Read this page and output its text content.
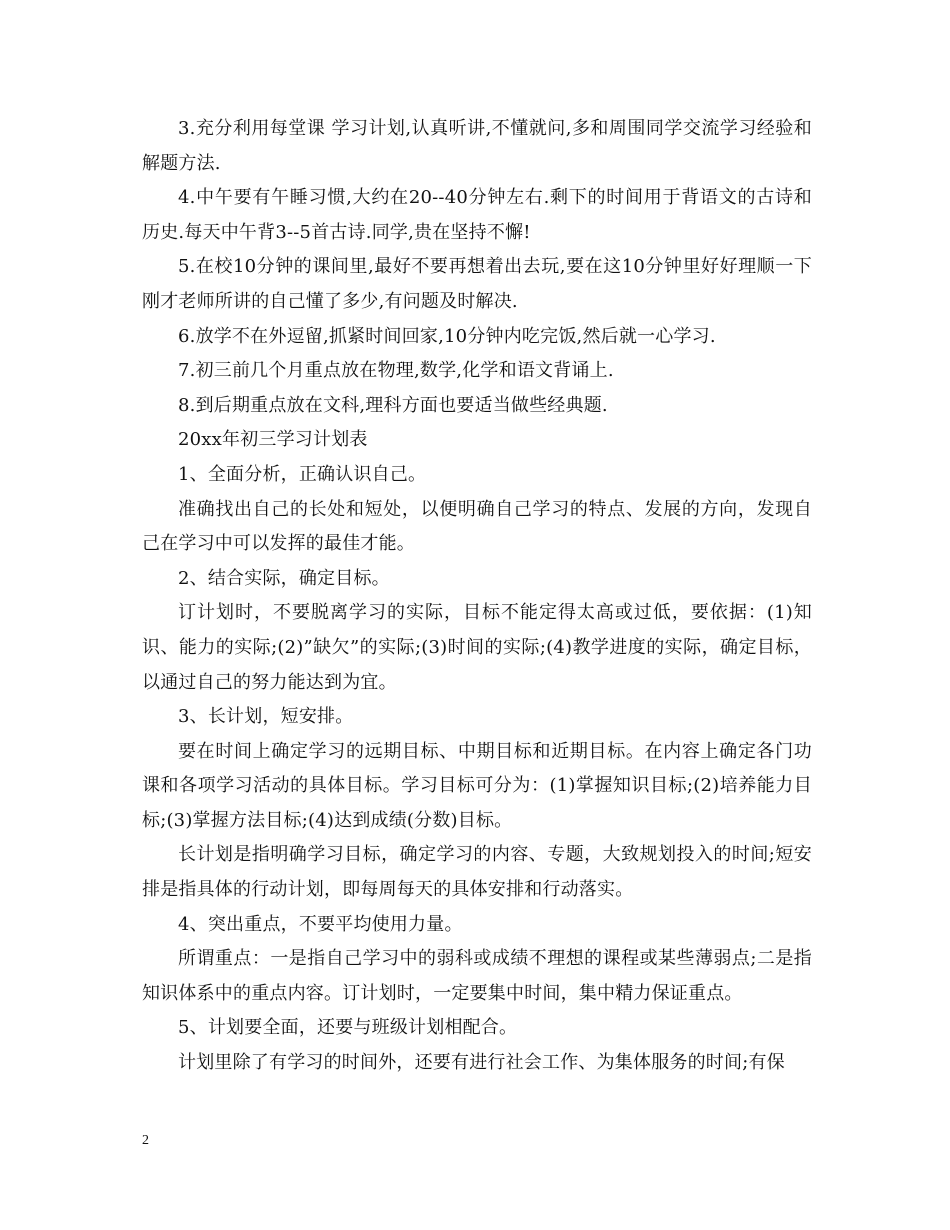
3.充分利用每堂课 学习计划,认真听讲,不懂就问,多和周围同学交流学习经验和解题方法.

4.中午要有午睡习惯,大约在20--40分钟左右.剩下的时间用于背语文的古诗和历史.每天中午背3--5首古诗.同学,贵在坚持不懈!

5.在校10分钟的课间里,最好不要再想着出去玩,要在这10分钟里好好理顺一下刚才老师所讲的自己懂了多少,有问题及时解决.

6.放学不在外逗留,抓紧时间回家,10分钟内吃完饭,然后就一心学习.

7.初三前几个月重点放在物理,数学,化学和语文背诵上.

8.到后期重点放在文科,理科方面也要适当做些经典题.

20xx年初三学习计划表

1、全面分析，正确认识自己。

准确找出自己的长处和短处，以便明确自己学习的特点、发展的方向，发现自己在学习中可以发挥的最佳才能。

2、结合实际，确定目标。

订计划时，不要脱离学习的实际，目标不能定得太高或过低，要依据：(1)知识、能力的实际;(2)”缺欠”的实际;(3)时间的实际;(4)教学进度的实际，确定目标，以通过自己的努力能达到为宜。

3、长计划，短安排。

要在时间上确定学习的远期目标、中期目标和近期目标。在内容上确定各门功课和各项学习活动的具体目标。学习目标可分为：(1)掌握知识目标;(2)培养能力目标;(3)掌握方法目标;(4)达到成绩(分数)目标。

长计划是指明确学习目标，确定学习的内容、专题，大致规划投入的时间;短安排是指具体的行动计划，即每周每天的具体安排和行动落实。

4、突出重点，不要平均使用力量。

所谓重点：一是指自己学习中的弱科或成绩不理想的课程或某些薄弱点;二是指知识体系中的重点内容。订计划时，一定要集中时间，集中精力保证重点。

5、计划要全面，还要与班级计划相配合。

计划里除了有学习的时间外，还要有进行社会工作、为集体服务的时间;有保

2
